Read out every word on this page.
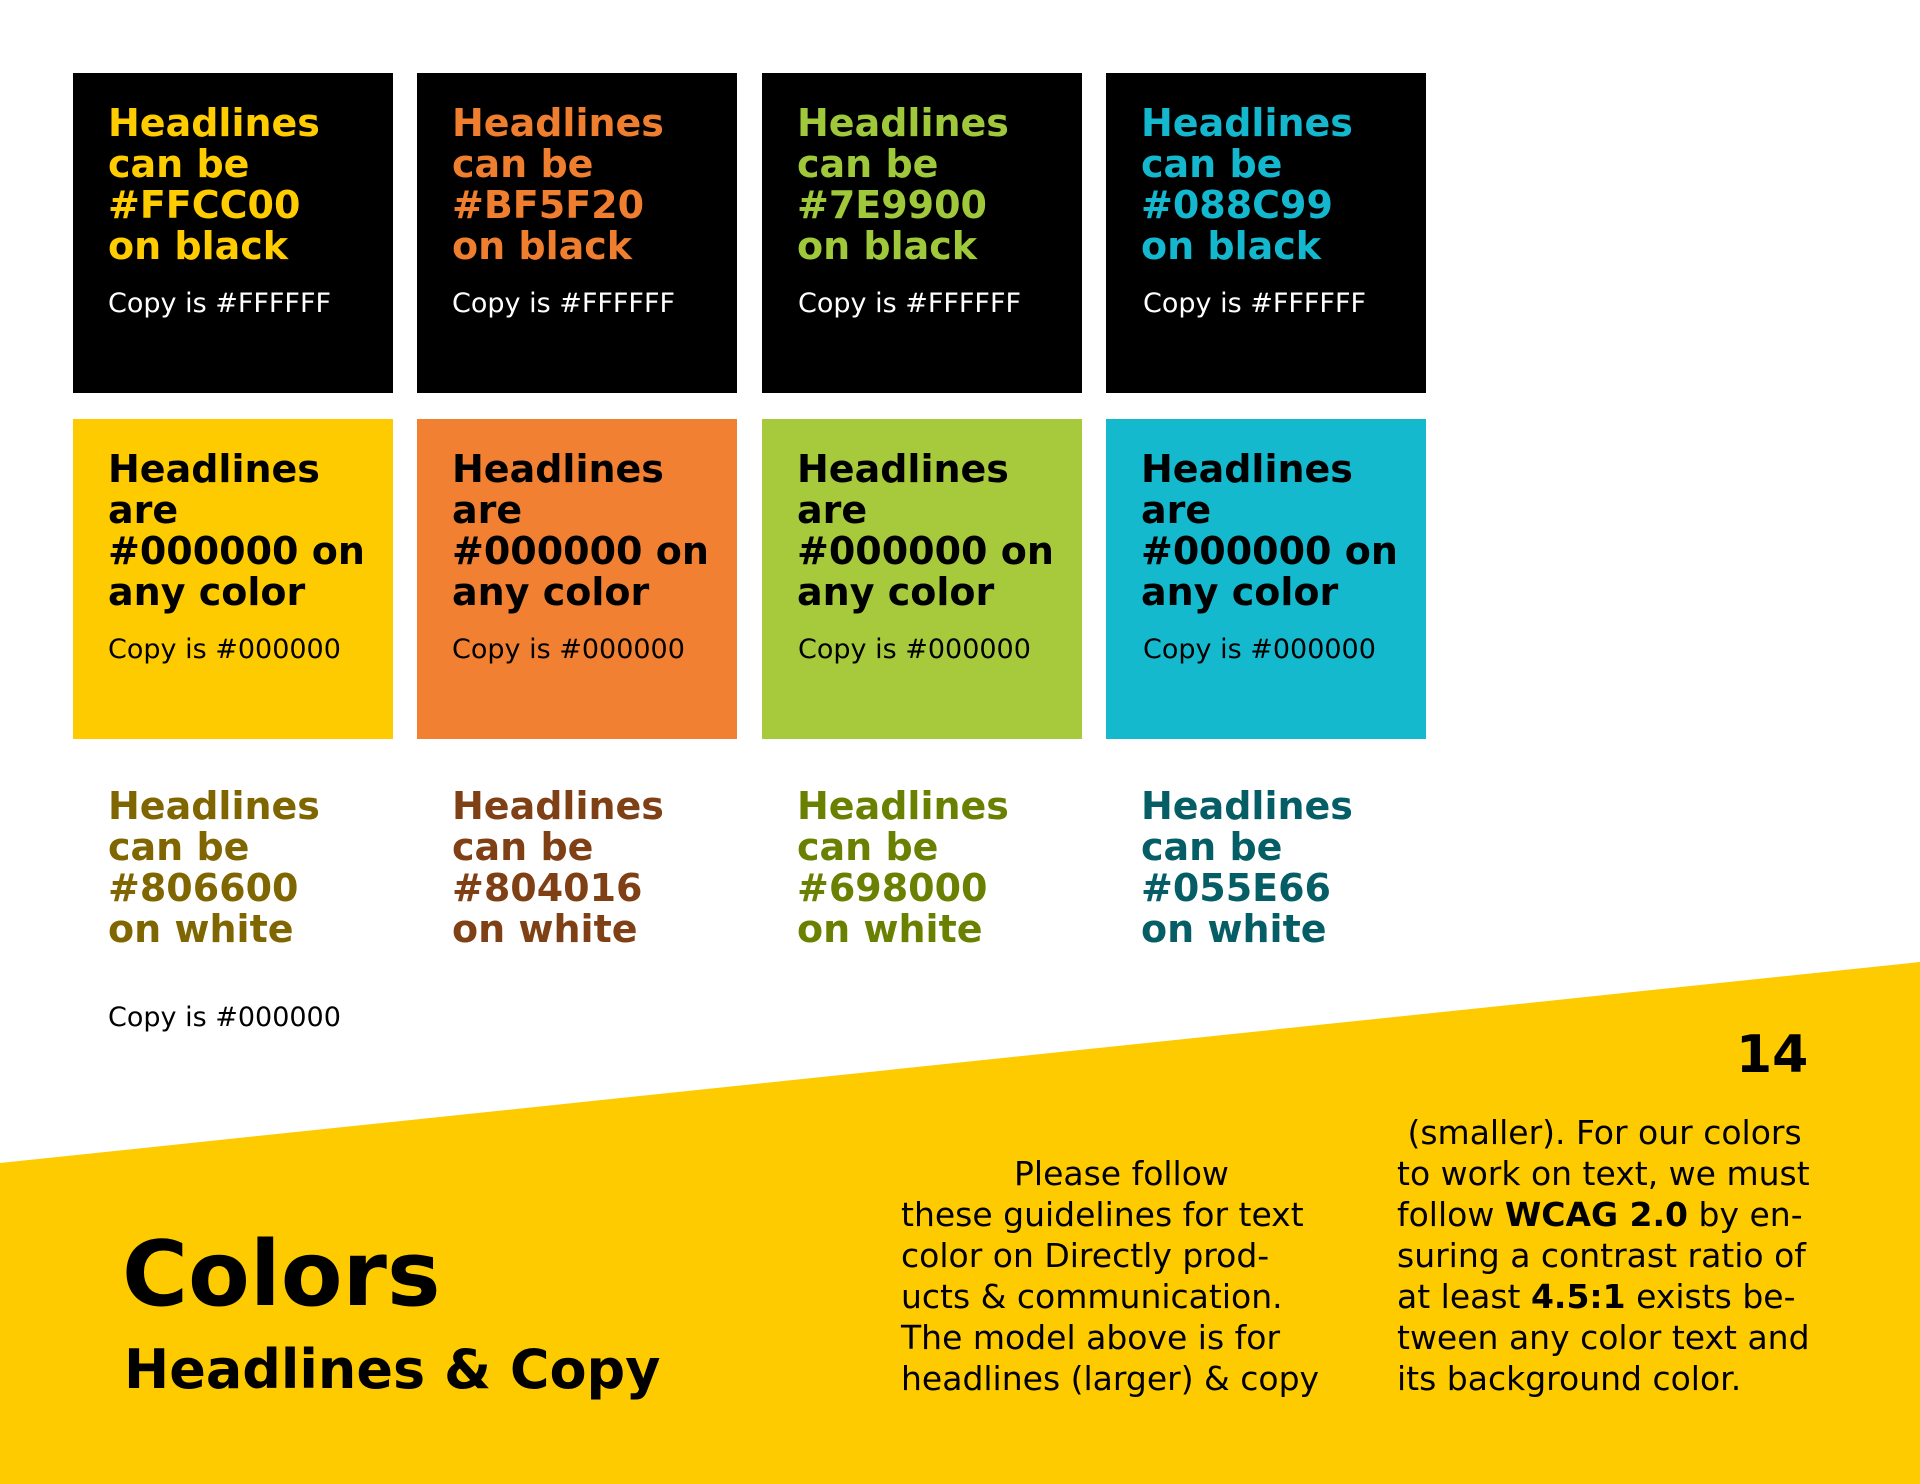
Headlines
can be
#FFCC00
on black

Copy is #FFFFFF

Headlines
can be
#BF5F20
on black

Copy is #FFFFFF

Headlines
can be
#7E9900
on black

Copy is #FFFFFF

Headlines
can be
#088C99
on black

Copy is #FFFFFF

Headlines
are
#000000 on
any color

Copy is #000000

Headlines
are
#000000 on
any color

Copy is #000000

Headlines
are
#000000 on
any color

Copy is #000000

Headlines
are
#000000 on
any color

Copy is #000000

Headlines
can be
#806600
on white

Headlines
can be
#804016
on white

Headlines
can be
#698000
on white

Headlines
can be
#055E66
on white

Copy is #000000
14
Colors
Headlines & Copy

Please follow

these guidelines for text

color on Directly prod-

ucts & communication.

The model above is for

headlines (larger) & copy

(smaller). For our colors

to work on text, we must

follow WCAG 2.0 by en-

suring a contrast ratio of

at least 4.5:1 exists be-

tween any color text and

its background color.
